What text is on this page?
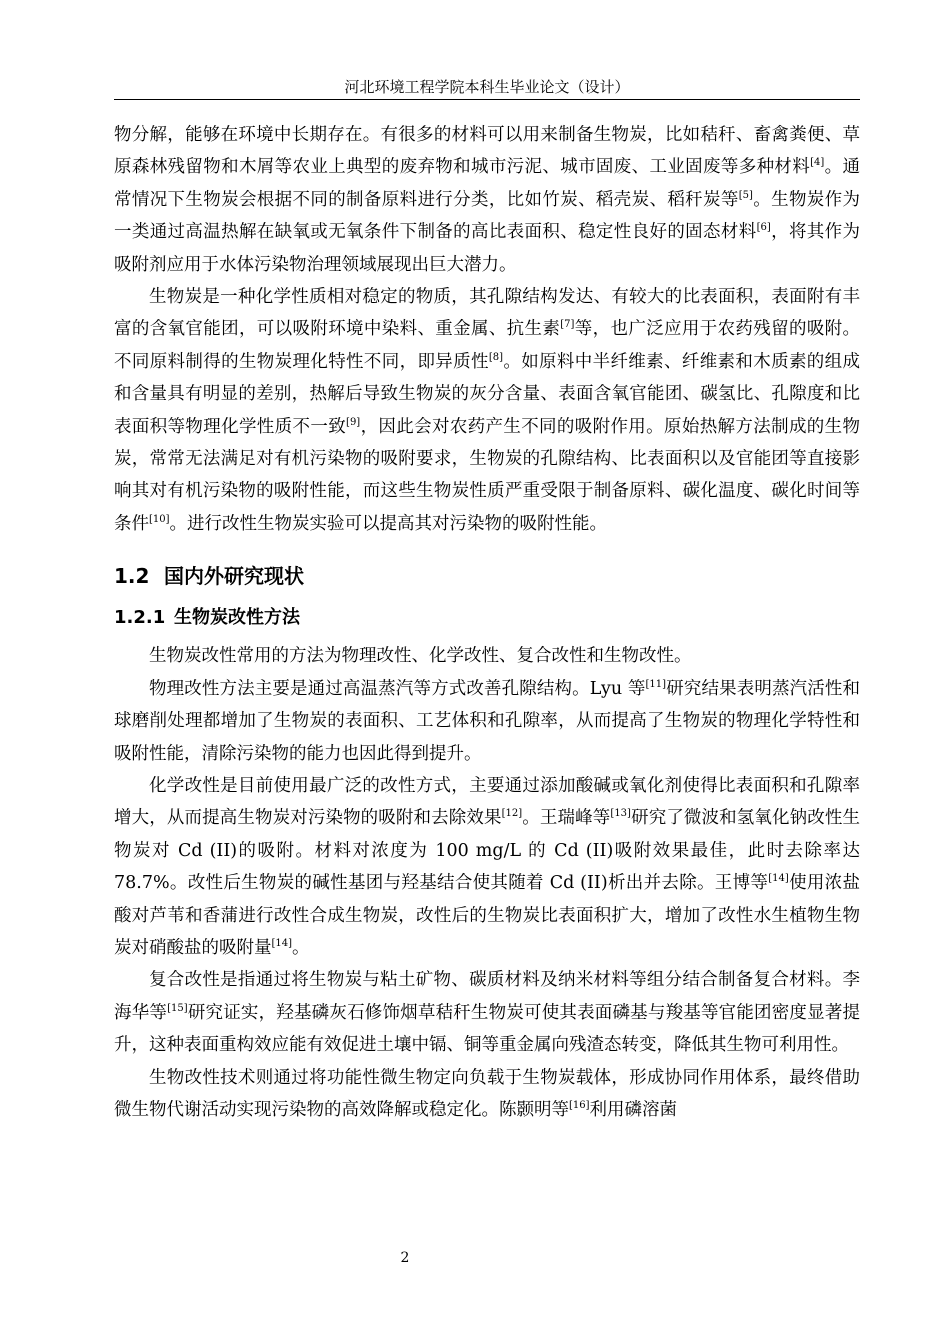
河北环境工程学院本科生毕业论文（设计）

物分解，能够在环境中长期存在。有很多的材料可以用来制备生物炭，比如秸秆、畜禽粪便、草原森林残留物和木屑等农业上典型的废弃物和城市污泥、城市固废、工业固废等多种材料[4]。通常情况下生物炭会根据不同的制备原料进行分类，比如竹炭、稻壳炭、稻秆炭等[5]。生物炭作为一类通过高温热解在缺氧或无氧条件下制备的高比表面积、稳定性良好的固态材料[6]，将其作为吸附剂应用于水体污染物治理领域展现出巨大潜力。

生物炭是一种化学性质相对稳定的物质，其孔隙结构发达、有较大的比表面积，表面附有丰富的含氧官能团，可以吸附环境中染料、重金属、抗生素[7]等，也广泛应用于农药残留的吸附。不同原料制得的生物炭理化特性不同，即异质性[8]。如原料中半纤维素、纤维素和木质素的组成和含量具有明显的差别，热解后导致生物炭的灰分含量、表面含氧官能团、碳氢比、孔隙度和比表面积等物理化学性质不一致[9]，因此会对农药产生不同的吸附作用。原始热解方法制成的生物炭，常常无法满足对有机污染物的吸附要求，生物炭的孔隙结构、比表面积以及官能团等直接影响其对有机污染物的吸附性能，而这些生物炭性质严重受限于制备原料、碳化温度、碳化时间等条件[10]。进行改性生物炭实验可以提高其对污染物的吸附性能。

1.2 国内外研究现状
1.2.1 生物炭改性方法

生物炭改性常用的方法为物理改性、化学改性、复合改性和生物改性。

物理改性方法主要是通过高温蒸汽等方式改善孔隙结构。Lyu 等[11]研究结果表明蒸汽活性和球磨削处理都增加了生物炭的表面积、工艺体积和孔隙率，从而提高了生物炭的物理化学特性和吸附性能，清除污染物的能力也因此得到提升。

化学改性是目前使用最广泛的改性方式，主要通过添加酸碱或氧化剂使得比表面积和孔隙率增大，从而提高生物炭对污染物的吸附和去除效果[12]。王瑞峰等[13]研究了微波和氢氧化钠改性生物炭对 Cd (II)的吸附。材料对浓度为 100 mg/L 的 Cd (II)吸附效果最佳，此时去除率达 78.7%。改性后生物炭的碱性基团与羟基结合使其随着 Cd (II)析出并去除。王博等[14]使用浓盐酸对芦苇和香蒲进行改性合成生物炭，改性后的生物炭比表面积扩大，增加了改性水生植物生物炭对硝酸盐的吸附量[14]。

复合改性是指通过将生物炭与粘土矿物、碳质材料及纳米材料等组分结合制备复合材料。李海华等[15]研究证实，羟基磷灰石修饰烟草秸秆生物炭可使其表面磷基与羧基等官能团密度显著提升，这种表面重构效应能有效促进土壤中镉、铜等重金属向残渣态转变，降低其生物可利用性。

生物改性技术则通过将功能性微生物定向负载于生物炭载体，形成协同作用体系，最终借助微生物代谢活动实现污染物的高效降解或稳定化。陈颢明等[16]利用磷溶菌

2
